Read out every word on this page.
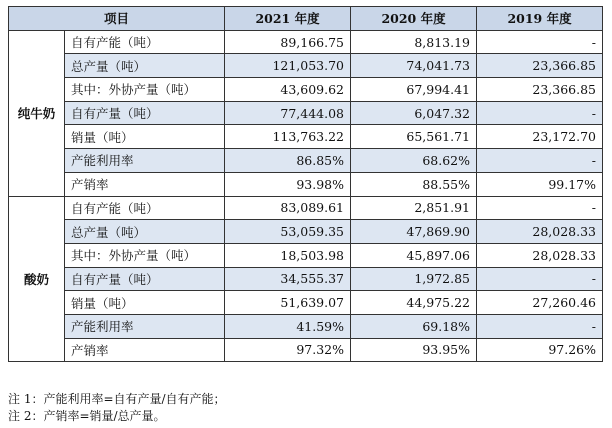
项目		2021 年度	2020 年度	2019 年度
纯牛奶	自有产能（吨）	89,166.75	8,813.19	-
	总产量（吨）	121,053.70	74,041.73	23,366.85
	其中：外协产量（吨）	43,609.62	67,994.41	23,366.85
	自有产量（吨）	77,444.08	6,047.32	-
	销量（吨）	113,763.22	65,561.71	23,172.70
	产能利用率	86.85%	68.62%	-
	产销率	93.98%	88.55%	99.17%
酸奶	自有产能（吨）	83,089.61	2,851.91	-
	总产量（吨）	53,059.35	47,869.90	28,028.33
	其中：外协产量（吨）	18,503.98	45,897.06	28,028.33
	自有产量（吨）	34,555.37	1,972.85	-
	销量（吨）	51,639.07	44,975.22	27,260.46
	产能利用率	41.59%	69.18%	-
	产销率	97.32%	93.95%	97.26%
注 1：产能利用率=自有产量/自有产能；
注 2：产销率=销量/总产量。
